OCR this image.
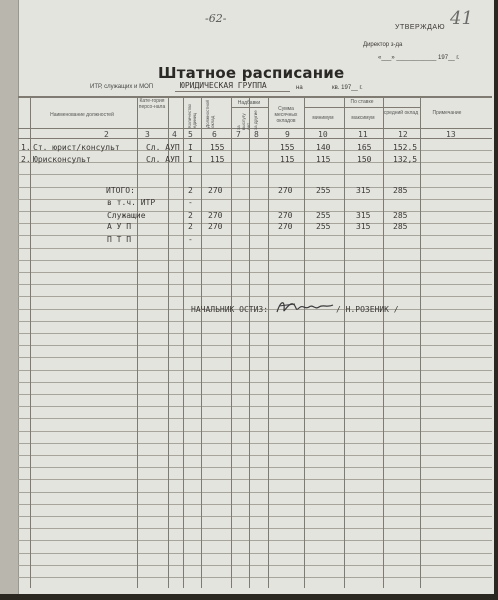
-62-	41
УТВЕРЖДАЮ
Директор з-да
«___» ____________ 197__ г.
Штатное расписание
ИТР, служащих и МОП	ЮРИДИЧЕСКАЯ ГРУППА	на	кв. 197__ г.
Наименование должностей
Кате-гория персо-нала	Количество единиц Должностной оклад
Надбавки
за выслугу лет за другие
Сумма месячных окладов
По ставке
минимум	максимум
средний оклад	Примечание
2	3	4 5 6 7 8	9	10	11	12	13
1. Ст. юрист/консульт	Сл. АУП I 155	155	140	165	152.5
2. Юрисконсульт	Сл. АУП I 115	115	115	150	132,5
ИТОГО:	2 270	270	255	315	285
в т.ч. ИТР	-
Служащие	2 270	270	255	315	285
А У П	2 270	270	255	315	285
П Т П	-
НАЧАЛЬНИК ОСТИЗ:	/ Н.РОЗЕНИК /
